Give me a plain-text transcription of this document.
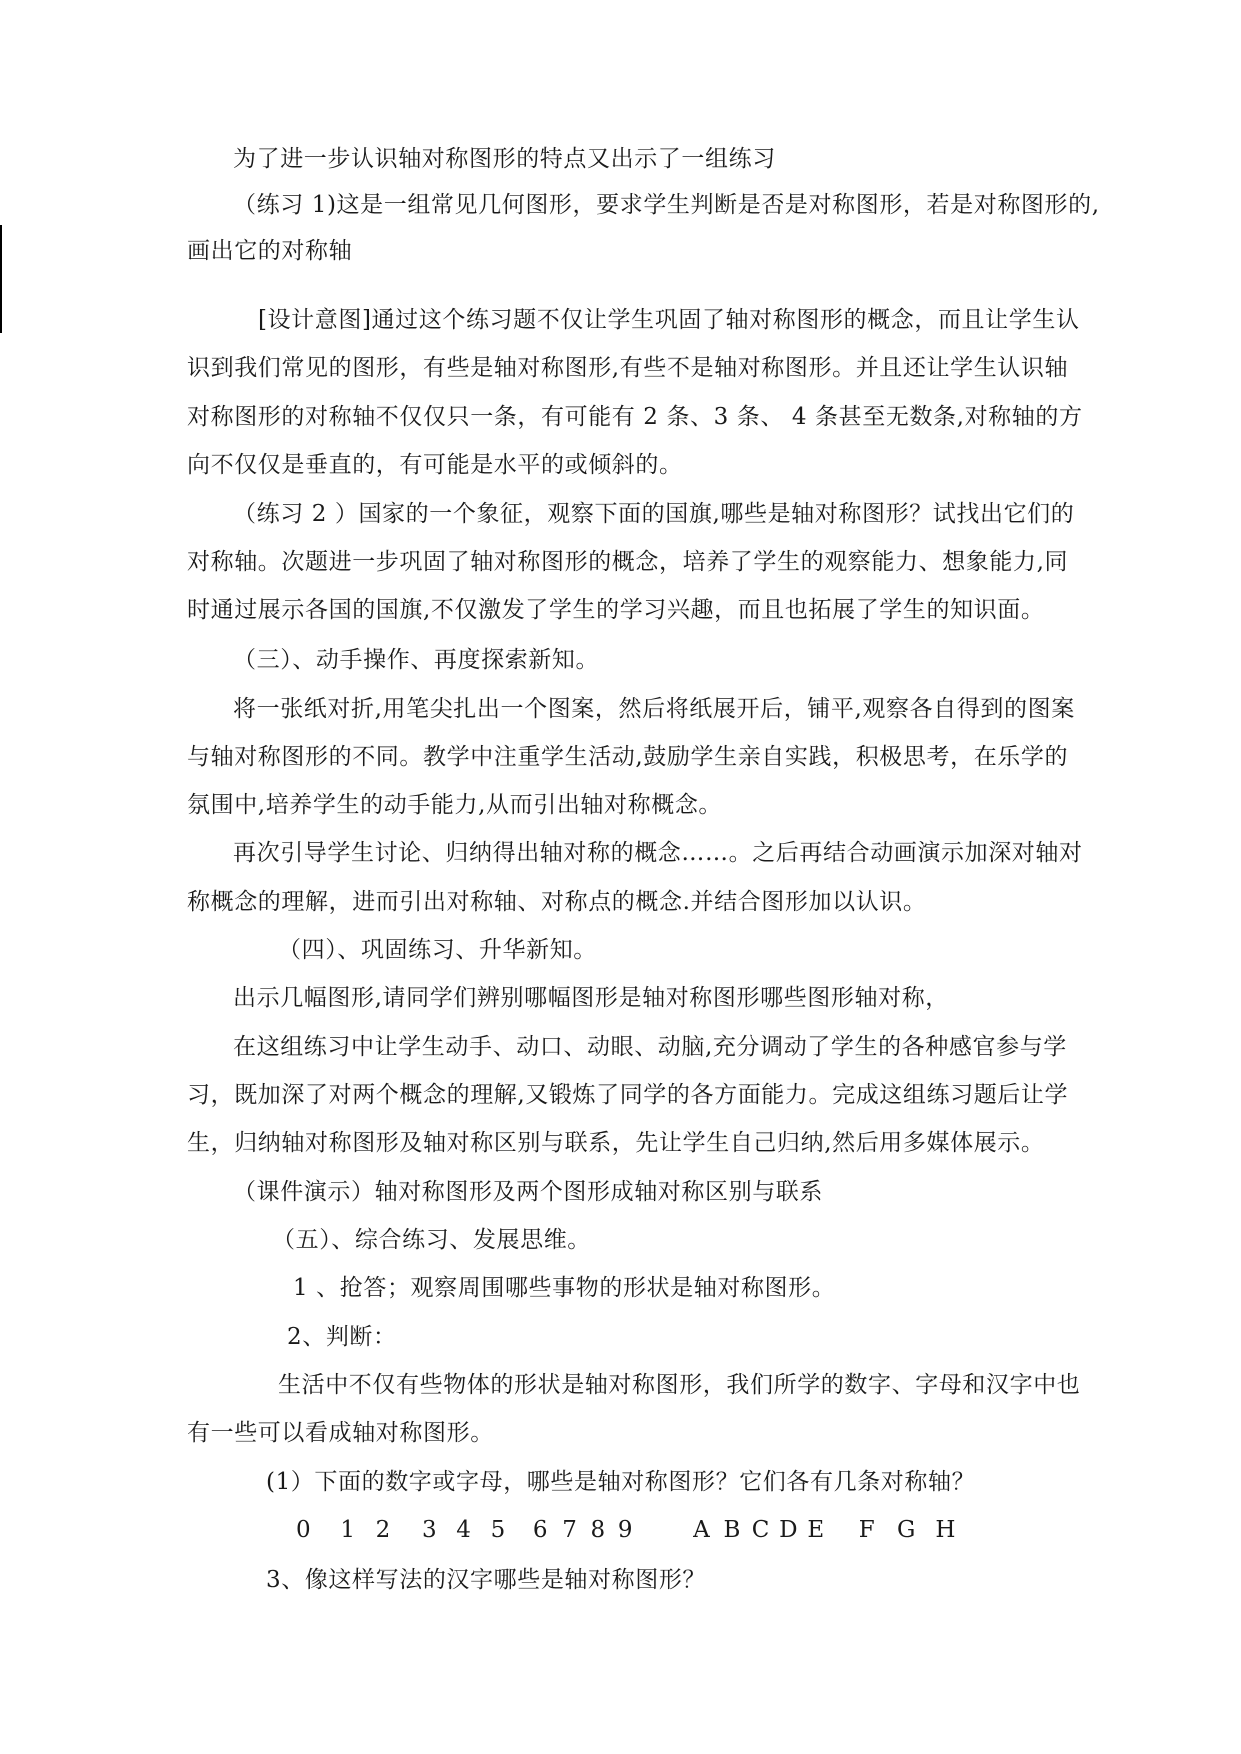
为了进一步认识轴对称图形的特点又出示了一组练习
（练习 1)这是一组常见几何图形，要求学生判断是否是对称图形，若是对称图形的,
画出它的对称轴
[设计意图]通过这个练习题不仅让学生巩固了轴对称图形的概念，而且让学生认
识到我们常见的图形，有些是轴对称图形,有些不是轴对称图形。并且还让学生认识轴
对称图形的对称轴不仅仅只一条，有可能有 2 条、3 条、 4 条甚至无数条,对称轴的方
向不仅仅是垂直的，有可能是水平的或倾斜的。
（练习 2 ）国家的一个象征，观察下面的国旗,哪些是轴对称图形？试找出它们的
对称轴。次题进一步巩固了轴对称图形的概念，培养了学生的观察能力、想象能力,同
时通过展示各国的国旗,不仅激发了学生的学习兴趣，而且也拓展了学生的知识面。
（三）、动手操作、再度探索新知。
将一张纸对折,用笔尖扎出一个图案，然后将纸展开后，铺平,观察各自得到的图案
与轴对称图形的不同。教学中注重学生活动,鼓励学生亲自实践，积极思考，在乐学的
氛围中,培养学生的动手能力,从而引出轴对称概念。
再次引导学生讨论、归纳得出轴对称的概念……。之后再结合动画演示加深对轴对
称概念的理解，进而引出对称轴、对称点的概念.并结合图形加以认识。
（四）、巩固练习、升华新知。
出示几幅图形,请同学们辨别哪幅图形是轴对称图形哪些图形轴对称，
在这组练习中让学生动手、动口、动眼、动脑,充分调动了学生的各种感官参与学
习，既加深了对两个概念的理解,又锻炼了同学的各方面能力。完成这组练习题后让学
生，归纳轴对称图形及轴对称区别与联系，先让学生自己归纳,然后用多媒体展示。
（课件演示）轴对称图形及两个图形成轴对称区别与联系
（五）、综合练习、发展思维。
1 、抢答；观察周围哪些事物的形状是轴对称图形。
2、判断：
生活中不仅有些物体的形状是轴对称图形，我们所学的数字、字母和汉字中也
有一些可以看成轴对称图形。
(1）下面的数字或字母，哪些是轴对称图形？它们各有几条对称轴？
0 1 2 3 4 5 6 7 8 9	A B C D E F G H
3、像这样写法的汉字哪些是轴对称图形？
